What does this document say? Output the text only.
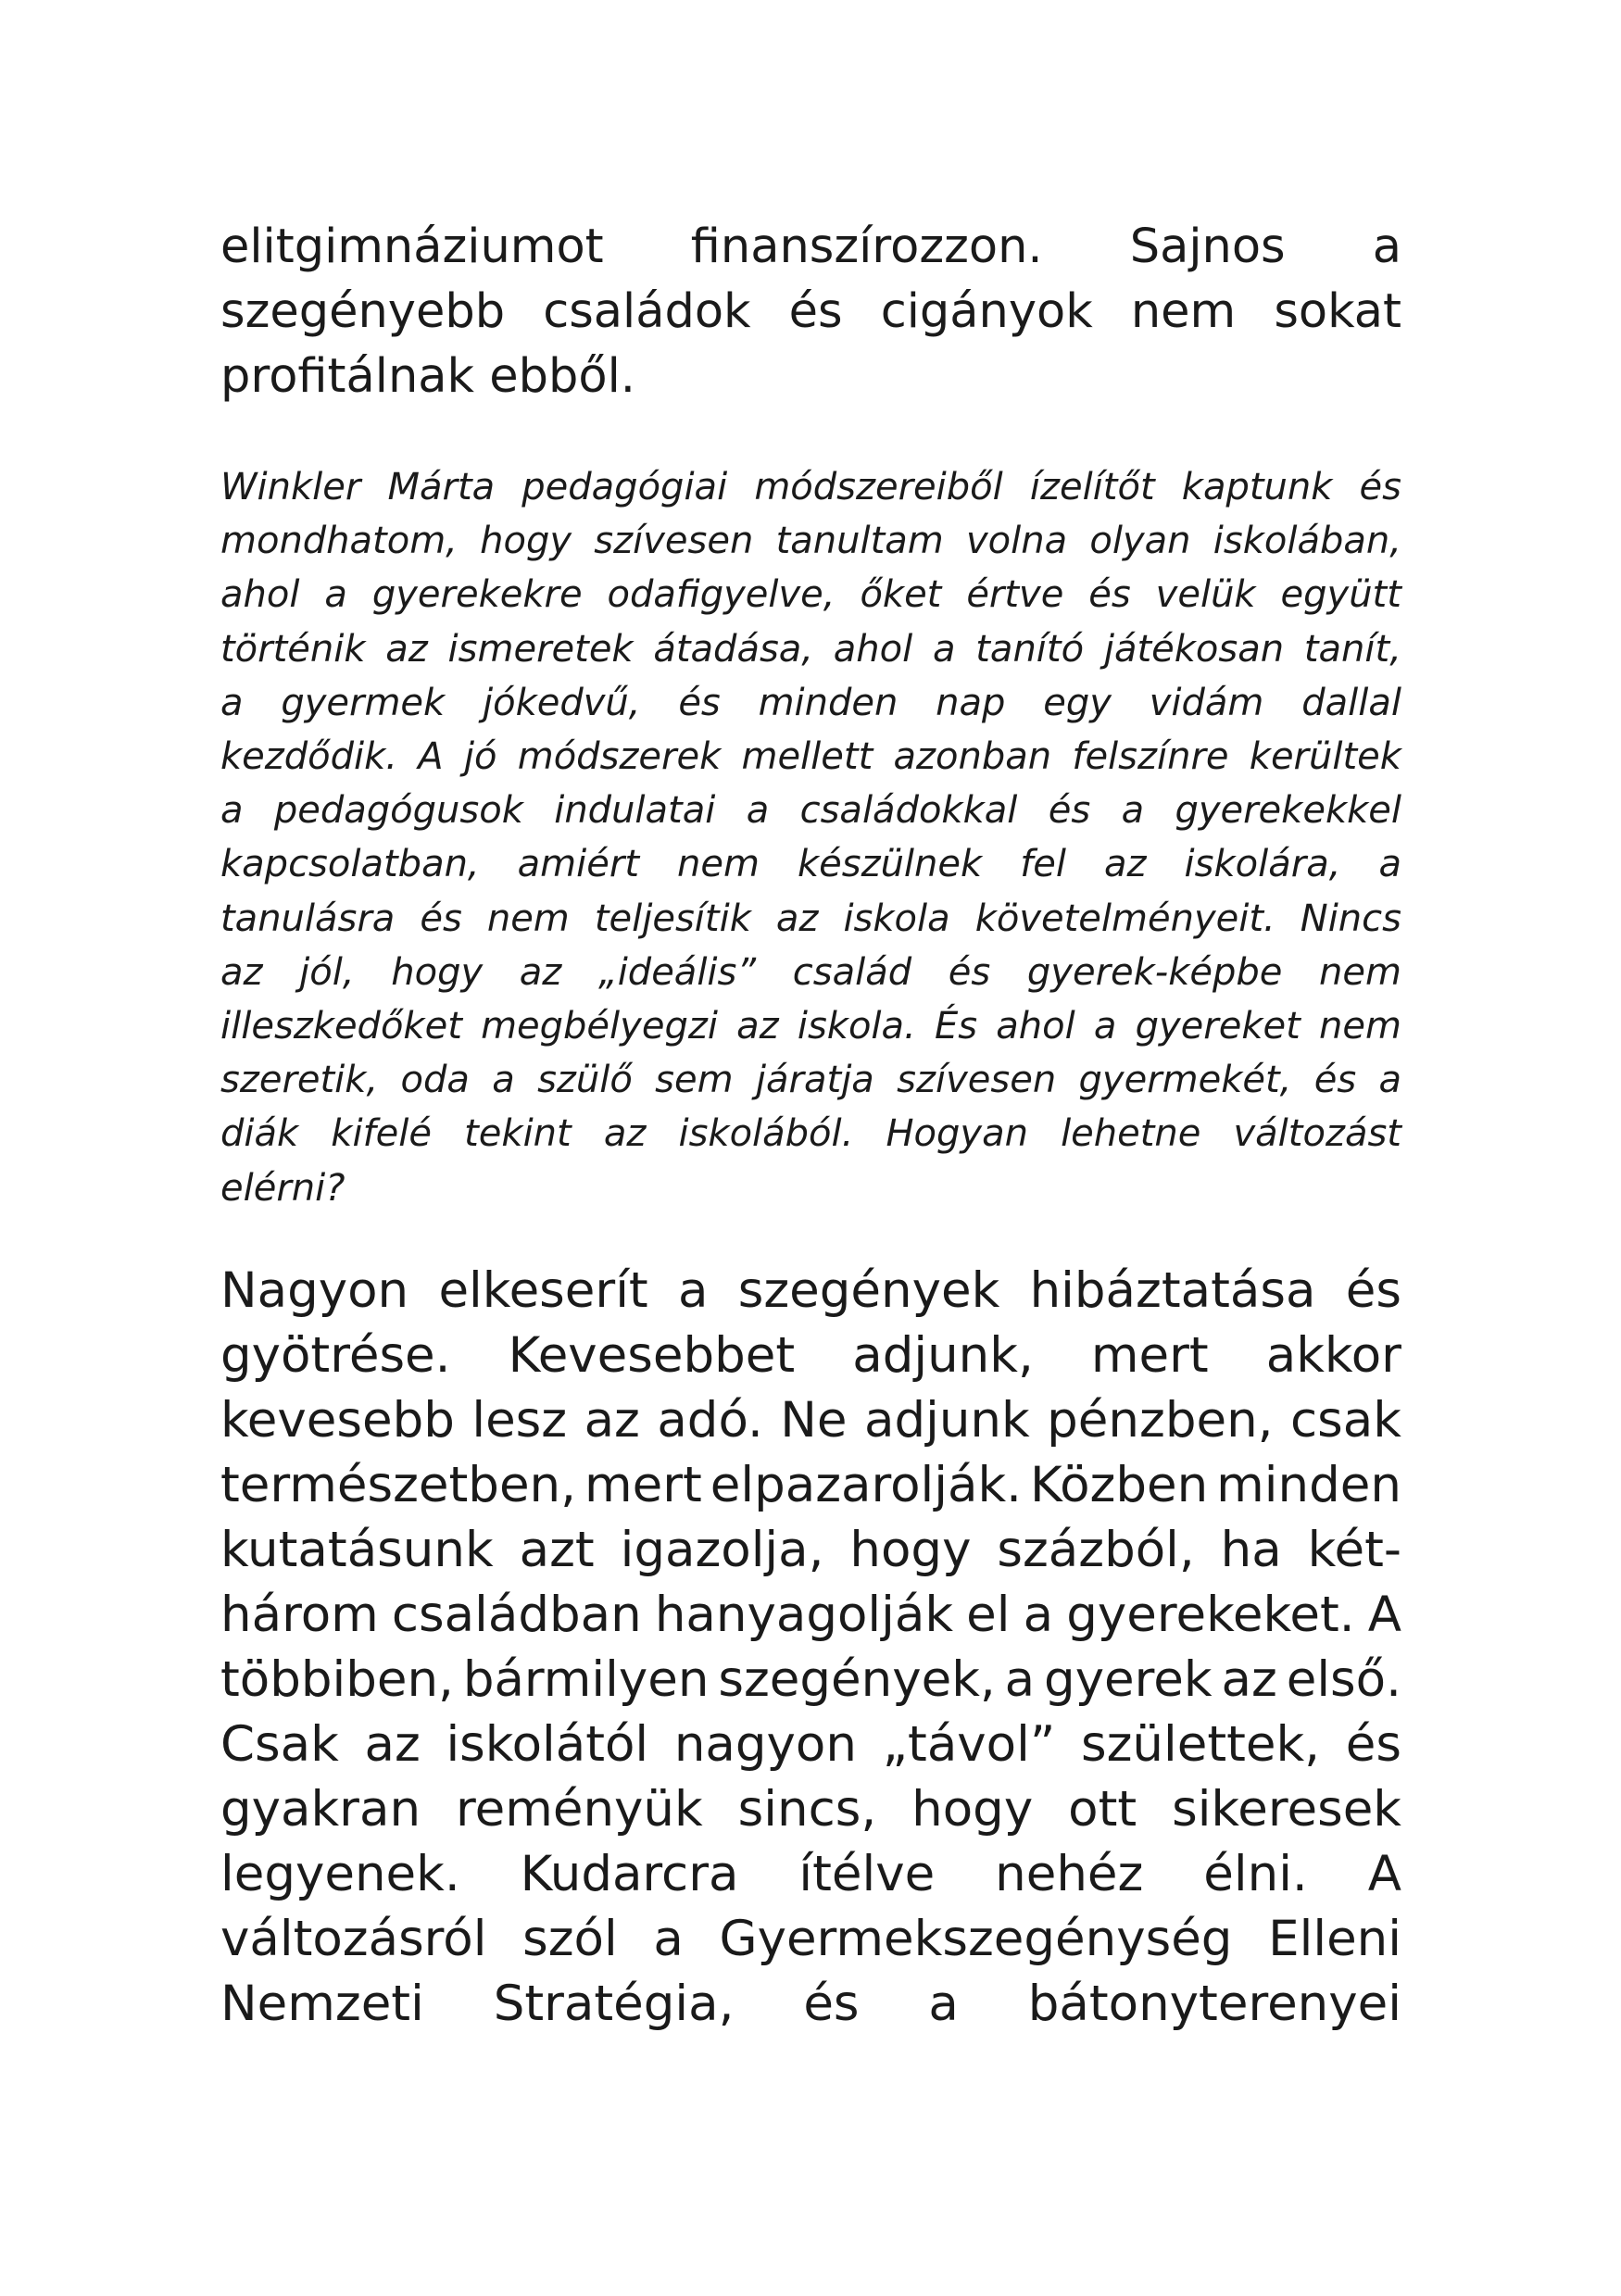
elitgimnáziumot finanszírozzon. Sajnos a
szegényebb családok és cigányok nem sokat
profitálnak ebből.

Winkler Márta pedagógiai módszereiből ízelítőt kaptunk és
mondhatom, hogy szívesen tanultam volna olyan iskolában,
ahol a gyerekekre odafigyelve, őket értve és velük együtt
történik az ismeretek átadása, ahol a tanító játékosan tanít,
a gyermek jókedvű, és minden nap egy vidám dallal
kezdődik. A jó módszerek mellett azonban felszínre kerültek
a pedagógusok indulatai a családokkal és a gyerekekkel
kapcsolatban, amiért nem készülnek fel az iskolára, a
tanulásra és nem teljesítik az iskola követelményeit. Nincs
az jól, hogy az „ideális” család és gyerek-képbe nem
illeszkedőket megbélyegzi az iskola. És ahol a gyereket nem
szeretik, oda a szülő sem járatja szívesen gyermekét, és a
diák kifelé tekint az iskolából. Hogyan lehetne változást
elérni?

Nagyon elkeserít a szegények hibáztatása és
gyötrése. Kevesebbet adjunk, mert akkor
kevesebb lesz az adó. Ne adjunk pénzben, csak
természetben, mert elpazarolják. Közben minden
kutatásunk azt igazolja, hogy százból, ha két-
három családban hanyagolják el a gyerekeket. A
többiben, bármilyen szegények, a gyerek az első.
Csak az iskolától nagyon „távol” születtek, és
gyakran reményük sincs, hogy ott sikeresek
legyenek. Kudarcra ítélve nehéz élni. A
változásról szól a Gyermekszegénység Elleni
Nemzeti Stratégia, és a bátonyterenyei
